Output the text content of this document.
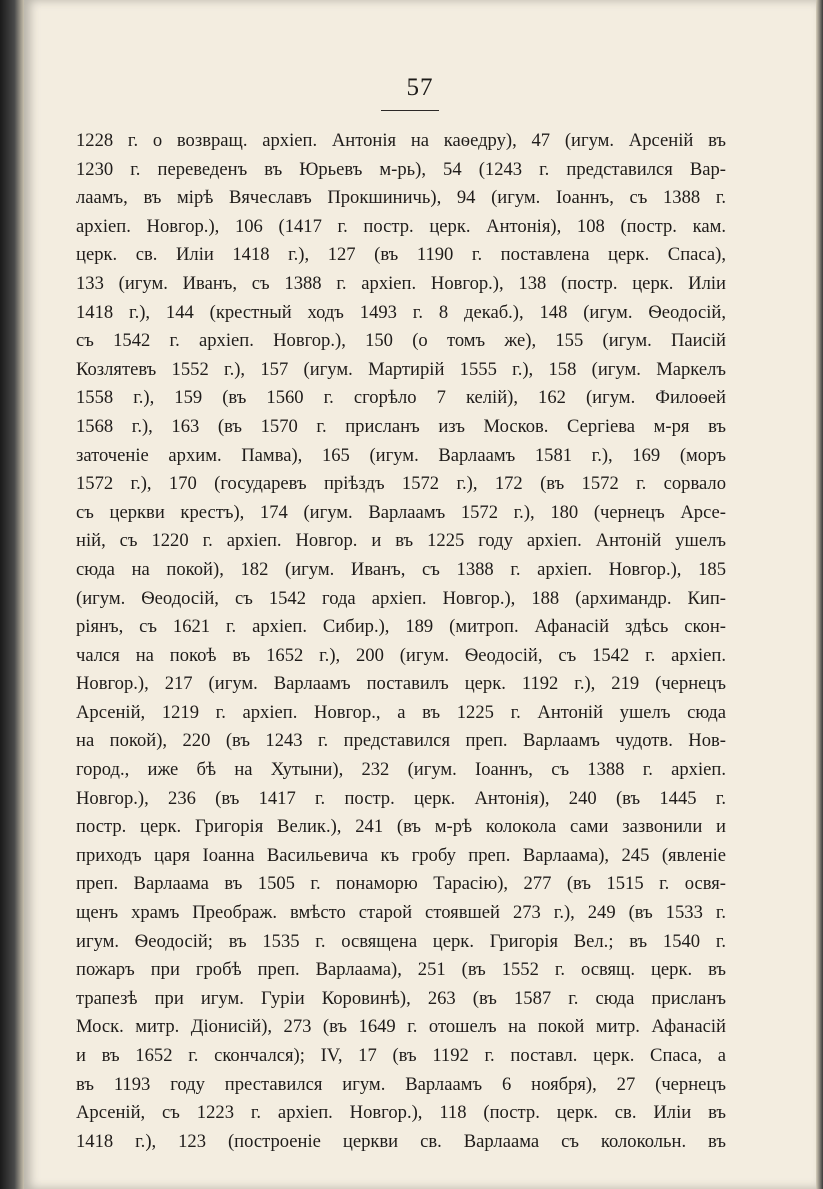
57
1228 г. о возвращ. архіеп. Антонія на каѳедру), 47 (игум. Арсеній въ
1230 г. переведенъ въ Юрьевъ м-рь), 54 (1243 г. представился Вар-
лаамъ, въ мірѣ Вячеславъ Прокшиничь), 94 (игум. Іоаннъ, съ 1388 г.
архіеп. Новгор.), 106 (1417 г. постр. церк. Антонія), 108 (постр. кам.
церк. св. Иліи 1418 г.), 127 (въ 1190 г. поставлена церк. Спаса),
133 (игум. Иванъ, съ 1388 г. архіеп. Новгор.), 138 (постр. церк. Иліи
1418 г.), 144 (крестный ходъ 1493 г. 8 декаб.), 148 (игум. Ѳеодосій,
съ 1542 г. архіеп. Новгор.), 150 (о томъ же), 155 (игум. Паисій
Козлятевъ 1552 г.), 157 (игум. Мартирій 1555 г.), 158 (игум. Маркелъ
1558 г.), 159 (въ 1560 г. сгорѣло 7 келій), 162 (игум. Филоѳей
1568 г.), 163 (въ 1570 г. присланъ изъ Москов. Сергіева м-ря въ
заточеніе архим. Памва), 165 (игум. Варлаамъ 1581 г.), 169 (моръ
1572 г.), 170 (государевъ пріѣздъ 1572 г.), 172 (въ 1572 г. сорвало
съ церкви крестъ), 174 (игум. Варлаамъ 1572 г.), 180 (чернецъ Арсе-
ній, съ 1220 г. архіеп. Новгор. и въ 1225 году архіеп. Антоній ушелъ
сюда на покой), 182 (игум. Иванъ, съ 1388 г. архіеп. Новгор.), 185
(игум. Ѳеодосій, съ 1542 года архіеп. Новгор.), 188 (архимандр. Кип-
ріянъ, съ 1621 г. архіеп. Сибир.), 189 (митроп. Афанасій здѣсь скон-
чался на покоѣ въ 1652 г.), 200 (игум. Ѳеодосій, съ 1542 г. архіеп.
Новгор.), 217 (игум. Варлаамъ поставилъ церк. 1192 г.), 219 (чернецъ
Арсеній, 1219 г. архіеп. Новгор., а въ 1225 г. Антоній ушелъ сюда
на покой), 220 (въ 1243 г. представился преп. Варлаамъ чудотв. Нов-
город., иже бѣ на Хутыни), 232 (игум. Іоаннъ, съ 1388 г. архіеп.
Новгор.), 236 (въ 1417 г. постр. церк. Антонія), 240 (въ 1445 г.
постр. церк. Григорія Велик.), 241 (въ м-рѣ колокола сами зазвонили и
приходъ царя Іоанна Васильевича къ гробу преп. Варлаама), 245 (явленіе
преп. Варлаама въ 1505 г. понаморю Тарасію), 277 (въ 1515 г. освя-
щенъ храмъ Преображ. вмѣсто старой стоявшей 273 г.), 249 (въ 1533 г.
игум. Ѳеодосій; въ 1535 г. освящена церк. Григорія Вел.; въ 1540 г.
пожаръ при гробѣ преп. Варлаама), 251 (въ 1552 г. освящ. церк. въ
трапезѣ при игум. Гуріи Коровинѣ), 263 (въ 1587 г. сюда присланъ
Моск. митр. Діонисій), 273 (въ 1649 г. отошелъ на покой митр. Афанасій
и въ 1652 г. скончался); IV, 17 (въ 1192 г. поставл. церк. Спаса, а
въ 1193 году преставился игум. Варлаамъ 6 ноября), 27 (чернецъ
Арсеній, съ 1223 г. архіеп. Новгор.), 118 (постр. церк. св. Иліи въ
1418 г.), 123 (построеніе церкви св. Варлаама съ колокольн. въ
